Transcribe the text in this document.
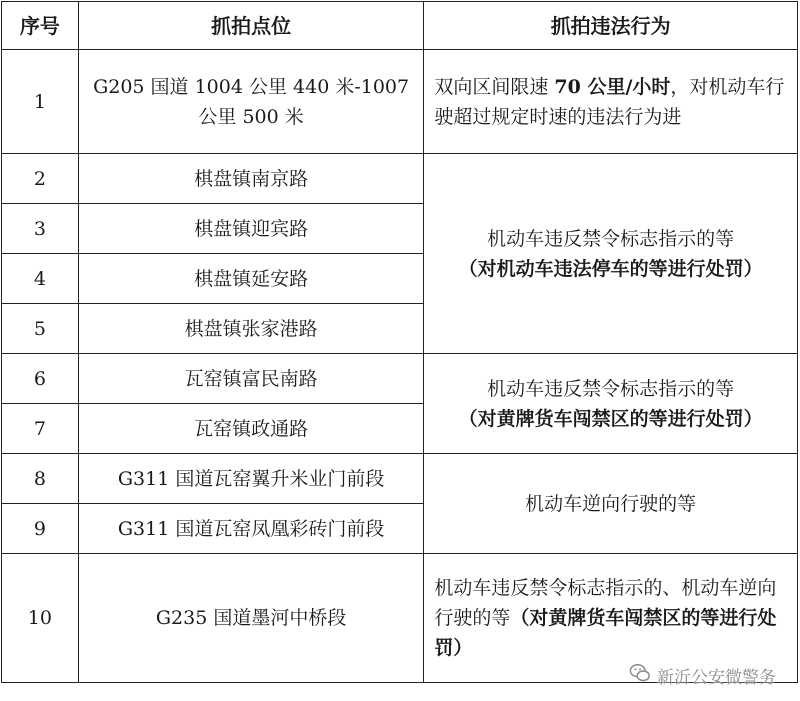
序号	抓拍点位	抓拍违法行为
1	G205 国道 1004 公里 440 米-1007 公里 500 米	双向区间限速 70 公里/小时，对机动车行驶超过规定时速的违法行为进
2	棋盘镇南京路	机动车违反禁令标志指示的等
（对机动车违法停车的等进行处罚）

3	棋盘镇迎宾路	
4	棋盘镇延安路	
5	棋盘镇张家港路	
6	瓦窑镇富民南路	机动车违反禁令标志指示的等
（对黄牌货车闯禁区的等进行处罚）

7	瓦窑镇政通路	
8	G311 国道瓦窑翼升米业门前段	机动车逆向行驶的等
9	G311 国道瓦窑凤凰彩砖门前段	
10	G235 国道墨河中桥段	机动车违反禁令标志指示的、机动车逆向行驶的等（对黄牌货车闯禁区的等进行处罚）
新沂公安微警务
